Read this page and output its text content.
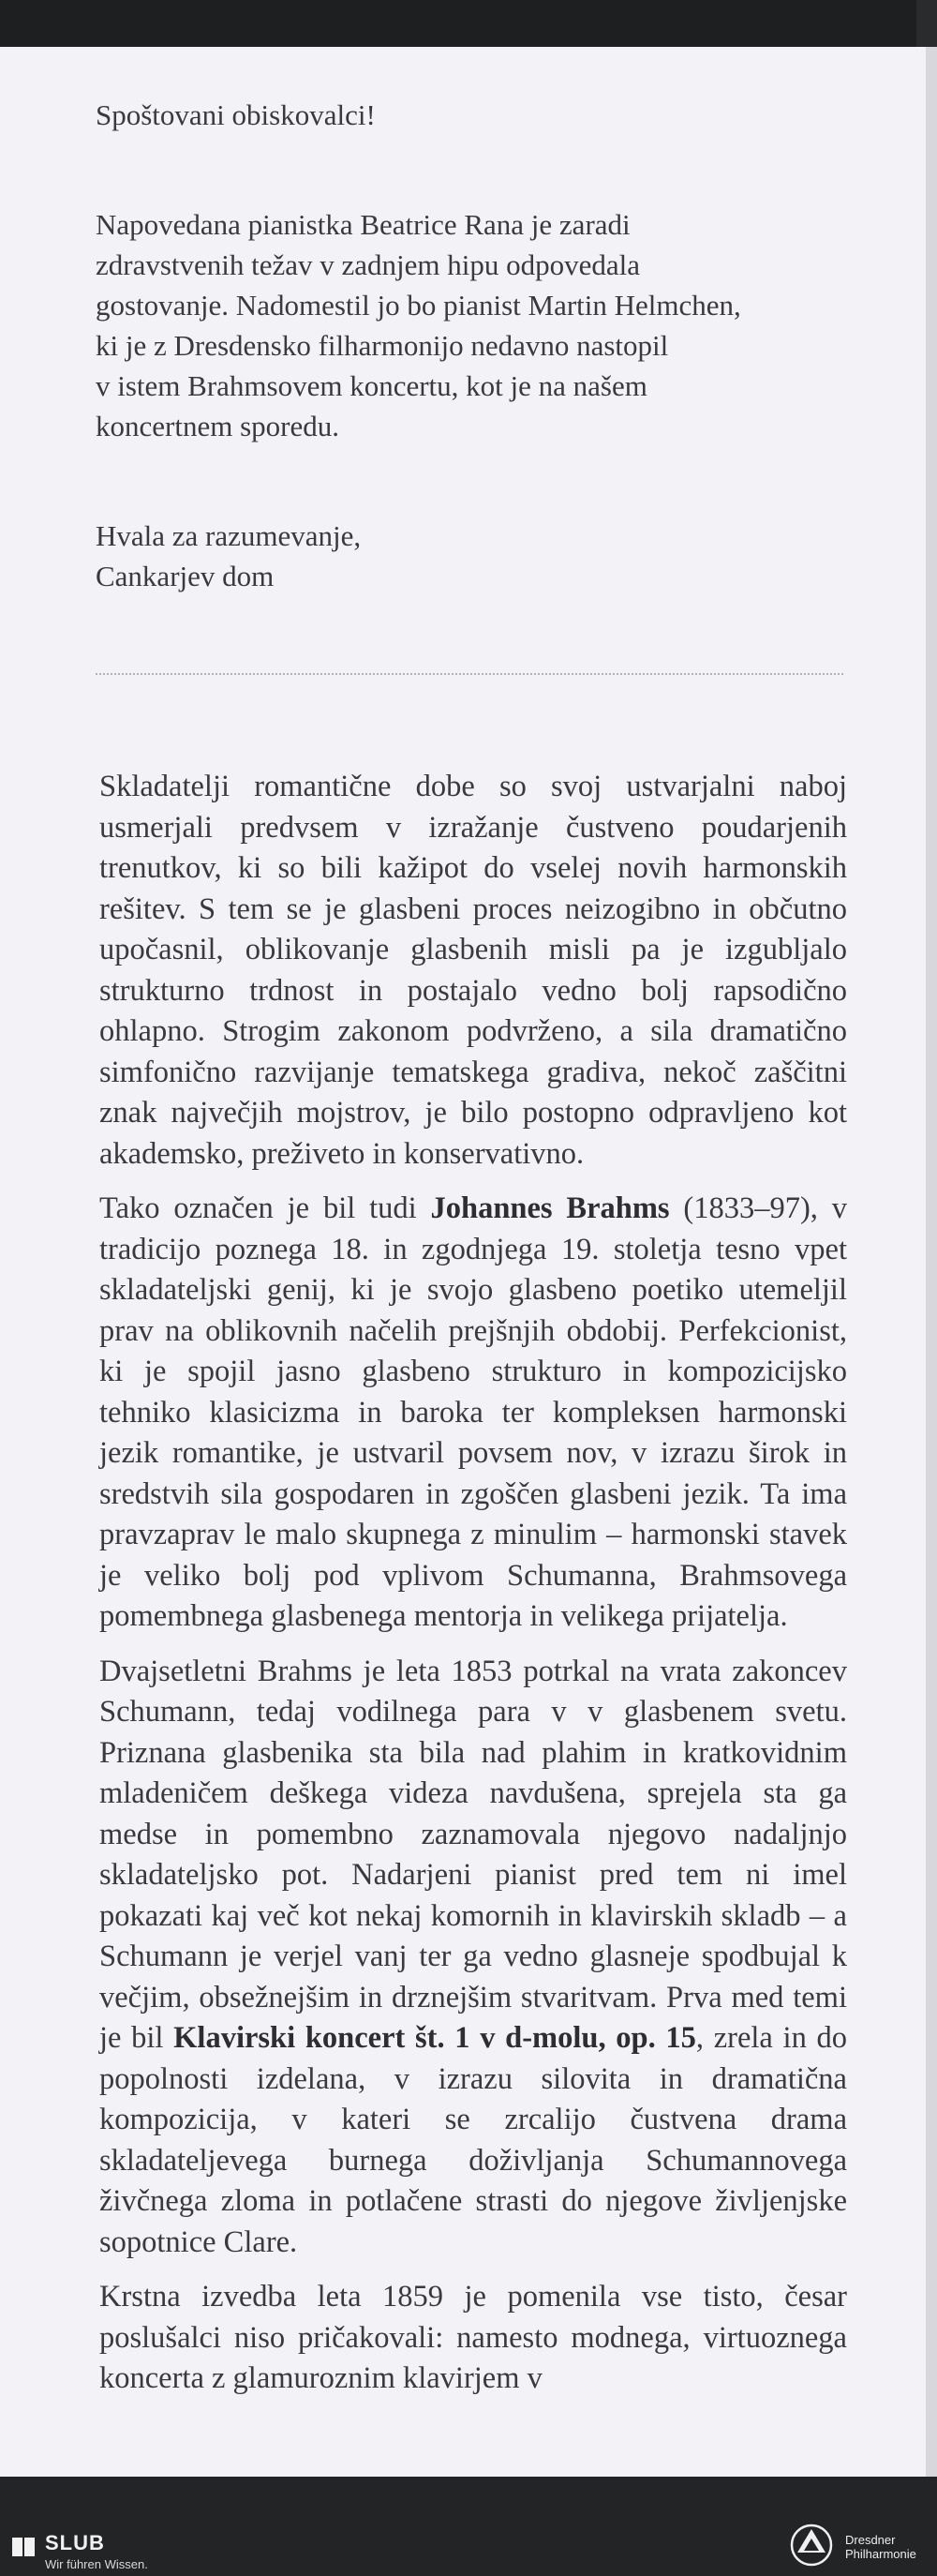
Spoštovani obiskovalci!

Napovedana pianistka Beatrice Rana je zaradi
zdravstvenih težav v zadnjem hipu odpovedala
gostovanje. Nadomestil jo bo pianist Martin Helmchen,
ki je z Dresdensko filharmonijo nedavno nastopil
v istem Brahmsovem koncertu, kot je na našem
koncertnem sporedu.

Hvala za razumevanje,
Cankarjev dom

Skladatelji romantične dobe so svoj ustvarjalni naboj usmerjali predvsem v izražanje čustveno poudarjenih trenutkov, ki so bili kažipot do vselej novih harmonskih rešitev. S tem se je glasbeni proces neizogibno in občutno upočasnil, oblikovanje glasbenih misli pa je izgubljalo strukturno trdnost in postajalo vedno bolj rapsodično ohlapno. Strogim zakonom podvrženo, a sila dramatično simfonično razvijanje tematskega gradiva, nekoč zaščitni znak največjih mojstrov, je bilo postopno odpravljeno kot akademsko, preživeto in konservativno.

Tako označen je bil tudi Johannes Brahms (1833–97), v tradicijo poznega 18. in zgodnjega 19. stoletja tesno vpet skladateljski genij, ki je svojo glasbeno poetiko utemeljil prav na oblikovnih načelih prejšnjih obdobij. Perfekcionist, ki je spojil jasno glasbeno strukturo in kompozicijsko tehniko klasicizma in baroka ter kompleksen harmonski jezik romantike, je ustvaril povsem nov, v izrazu širok in sredstvih sila gospodaren in zgoščen glasbeni jezik. Ta ima pravzaprav le malo skupnega z minulim – harmonski stavek je veliko bolj pod vplivom Schumanna, Brahmsovega pomembnega glasbenega mentorja in velikega prijatelja.

Dvajsetletni Brahms je leta 1853 potrkal na vrata zakoncev Schumann, tedaj vodilnega para v v glasbenem svetu. Priznana glasbenika sta bila nad plahim in kratkovidnim mladeničem deškega videza navdušena, sprejela sta ga medse in pomembno zaznamovala njegovo nadaljnjo skladateljsko pot. Nadarjeni pianist pred tem ni imel pokazati kaj več kot nekaj komornih in klavirskih skladb – a Schumann je verjel vanj ter ga vedno glasneje spodbujal k večjim, obsežnejšim in drznejšim stvaritvam. Prva med temi je bil Klavirski koncert št. 1 v d-molu, op. 15, zrela in do popolnosti izdelana, v izrazu silovita in dramatična kompozicija, v kateri se zrcalijo čustvena drama skladateljevega burnega doživljanja Schumannovega živčnega zloma in potlačene strasti do njegove življenjske sopotnice Clare.

Krstna izvedba leta 1859 je pomenila vse tisto, česar poslušalci niso pričakovali: namesto modnega, virtuoznega koncerta z glamuroznim klavirjem v

SLUB
Wir führen Wissen.
Dresdner
Philharmonie
